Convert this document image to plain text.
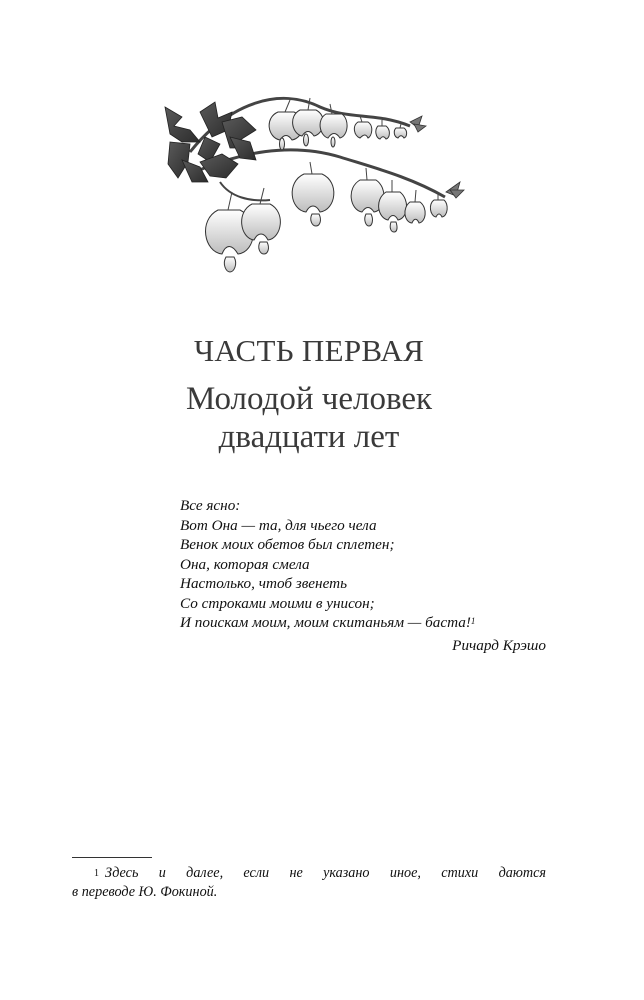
ЧАСТЬ ПЕРВАЯ
Молодой человек
двадцати лет
Все ясно:
Вот Она — та, для чьего чела
Венок моих обетов был сплетен;
Она, которая смела
Настолько, чтоб звенеть
Со строками моими в унисон;
И поискам моим, моим скитаньям — баста!$^1$
Ричард Крэшо
$^1$ Здесь и далее, если не указано иное, стихи даются
в переводе Ю. Фокиной.
